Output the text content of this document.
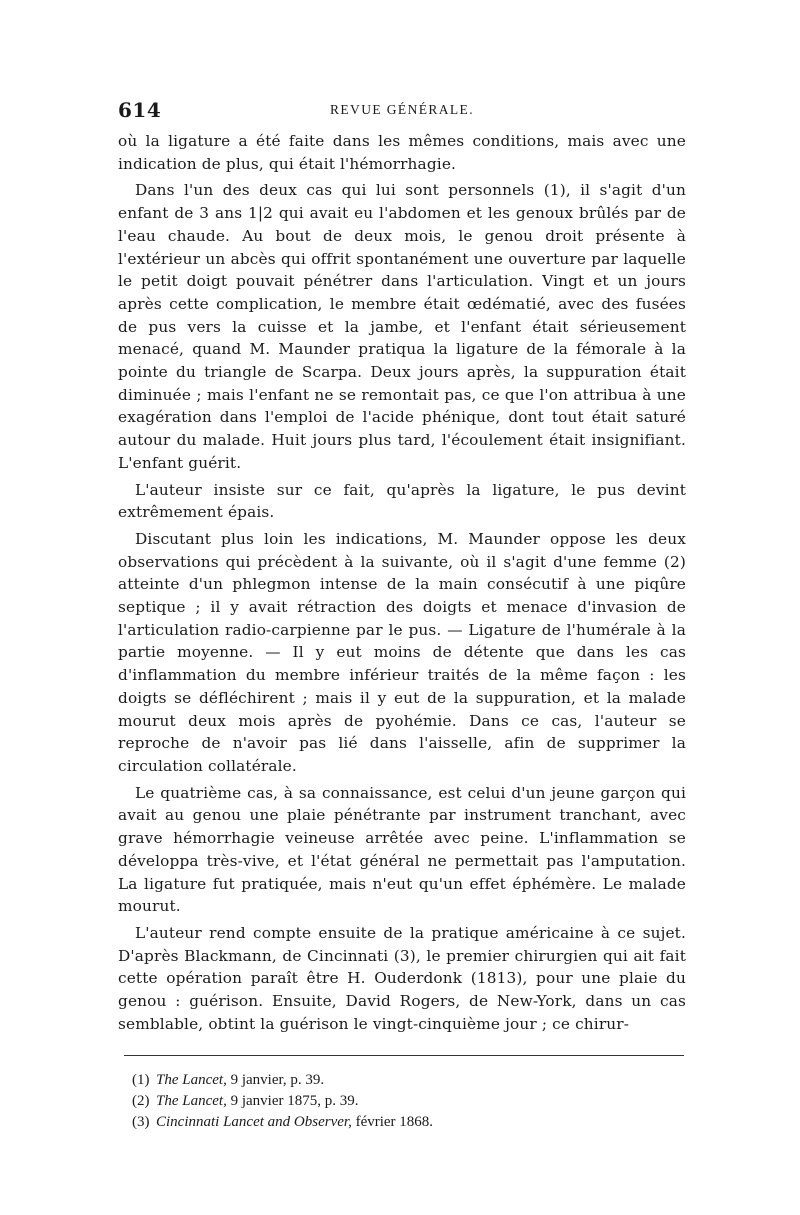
614	REVUE GÉNÉRALE.

où la ligature a été faite dans les mêmes conditions, mais avec une indication de plus, qui était l'hémorrhagie.

Dans l'un des deux cas qui lui sont personnels (1), il s'agit d'un enfant de 3 ans 1|2 qui avait eu l'abdomen et les genoux brûlés par de l'eau chaude. Au bout de deux mois, le genou droit présente à l'extérieur un abcès qui offrit spontanément une ouverture par laquelle le petit doigt pouvait pénétrer dans l'articulation. Vingt et un jours après cette complication, le membre était œdématié, avec des fusées de pus vers la cuisse et la jambe, et l'enfant était sérieusement menacé, quand M. Maunder pratiqua la ligature de la fémorale à la pointe du triangle de Scarpa. Deux jours après, la suppuration était diminuée ; mais l'enfant ne se remontait pas, ce que l'on attribua à une exagération dans l'emploi de l'acide phénique, dont tout était saturé autour du malade. Huit jours plus tard, l'écoulement était insignifiant. L'enfant guérit.

L'auteur insiste sur ce fait, qu'après la ligature, le pus devint extrêmement épais.

Discutant plus loin les indications, M. Maunder oppose les deux observations qui précèdent à la suivante, où il s'agit d'une femme (2) atteinte d'un phlegmon intense de la main consécutif à une piqûre septique ; il y avait rétraction des doigts et menace d'invasion de l'articulation radio-carpienne par le pus. — Ligature de l'humérale à la partie moyenne. — Il y eut moins de détente que dans les cas d'inflammation du membre inférieur traités de la même façon : les doigts se défléchirent ; mais il y eut de la suppuration, et la malade mourut deux mois après de pyohémie. Dans ce cas, l'auteur se reproche de n'avoir pas lié dans l'aisselle, afin de supprimer la circulation collatérale.

Le quatrième cas, à sa connaissance, est celui d'un jeune garçon qui avait au genou une plaie pénétrante par instrument tranchant, avec grave hémorrhagie veineuse arrêtée avec peine. L'inflammation se développa très-vive, et l'état général ne permettait pas l'amputation. La ligature fut pratiquée, mais n'eut qu'un effet éphémère. Le malade mourut.

L'auteur rend compte ensuite de la pratique américaine à ce sujet. D'après Blackmann, de Cincinnati (3), le premier chirurgien qui ait fait cette opération paraît être H. Ouderdonk (1813), pour une plaie du genou : guérison. Ensuite, David Rogers, de New-York, dans un cas semblable, obtint la guérison le vingt-cinquième jour ; ce chirur-

(1) The Lancet, 9 janvier, p. 39.
(2) The Lancet, 9 janvier 1875, p. 39.
(3) Cincinnati Lancet and Observer, février 1868.
